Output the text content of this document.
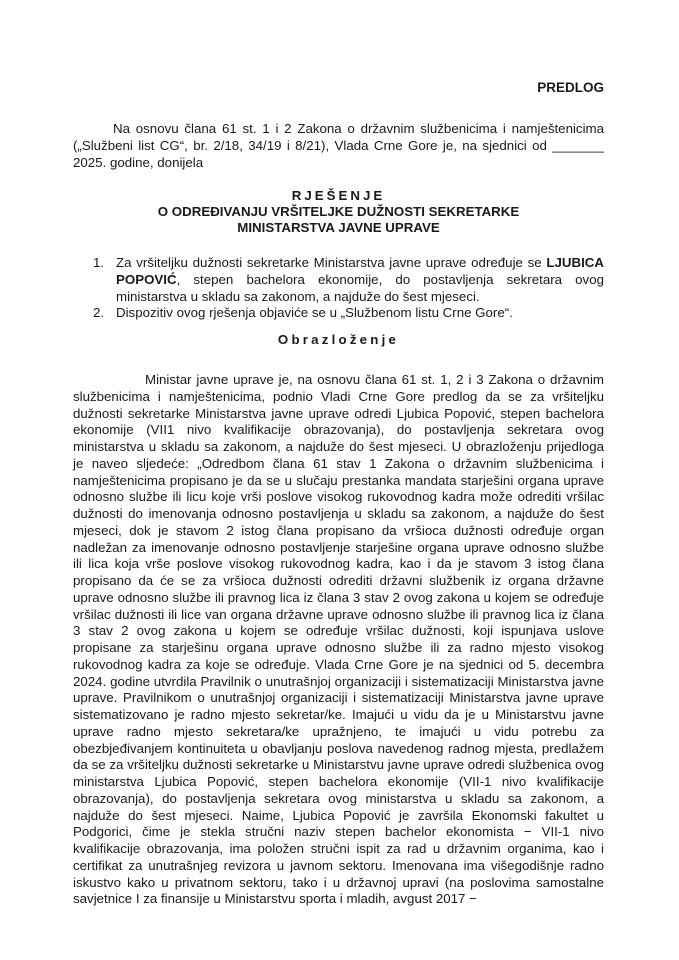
PREDLOG

Na osnovu člana 61 st. 1 i 2 Zakona o državnim službenicima i namještenicima („Službeni list CG“, br. 2/18, 34/19 i 8/21), Vlada Crne Gore je, na sjednici od _______ 2025. godine, donijela

RJEŠENJE
O ODREĐIVANJU VRŠITELJKE DUŽNOSTI SEKRETARKE
MINISTARSTVA JAVNE UPRAVE
1. Za vršiteljku dužnosti sekretarke Ministarstva javne uprave određuje se LJUBICA POPOVIĆ, stepen bachelora ekonomije, do postavljenja sekretara ovog ministarstva u skladu sa zakonom, a najduže do šest mjeseci.
2. Dispozitiv ovog rješenja objaviće se u „Službenom listu Crne Gore“.
Obrazloženje

Ministar javne uprave je, na osnovu člana 61 st. 1, 2 i 3 Zakona o državnim službenicima i namještenicima, podnio Vladi Crne Gore predlog da se za vršiteljku dužnosti sekretarke Ministarstva javne uprave odredi Ljubica Popović, stepen bachelora ekonomije (VII1 nivo kvalifikacije obrazovanja), do postavljenja sekretara ovog ministarstva u skladu sa zakonom, a najduže do šest mjeseci. U obrazloženju prijedloga je naveo sljedeće: „Odredbom člana 61 stav 1 Zakona o državnim službenicima i namještenicima propisano je da se u slučaju prestanka mandata starješini organa uprave odnosno službe ili licu koje vrši poslove visokog rukovodnog kadra može odrediti vršilac dužnosti do imenovanja odnosno postavljenja u skladu sa zakonom, a najduže do šest mjeseci, dok je stavom 2 istog člana propisano da vršioca dužnosti određuje organ nadležan za imenovanje odnosno postavljenje starješine organa uprave odnosno službe ili lica koja vrše poslove visokog rukovodnog kadra, kao i da je stavom 3 istog člana propisano da će se za vršioca dužnosti odrediti državni službenik iz organa državne uprave odnosno službe ili pravnog lica iz člana 3 stav 2 ovog zakona u kojem se određuje vršilac dužnosti ili lice van organa državne uprave odnosno službe ili pravnog lica iz člana 3 stav 2 ovog zakona u kojem se određuje vršilac dužnosti, koji ispunjava uslove propisane za starješinu organa uprave odnosno službe ili za radno mjesto visokog rukovodnog kadra za koje se određuje. Vlada Crne Gore je na sjednici od 5. decembra 2024. godine utvrdila Pravilnik o unutrašnjoj organizaciji i sistematizaciji Ministarstva javne uprave. Pravilnikom o unutrašnjoj organizaciji i sistematizaciji Ministarstva javne uprave sistematizovano je radno mjesto sekretar/ke. Imajući u vidu da je u Ministarstvu javne uprave radno mjesto sekretara/ke upražnjeno, te imajući u vidu potrebu za obezbjeđivanjem kontinuiteta u obavljanju poslova navedenog radnog mjesta, predlažem da se za vršiteljku dužnosti sekretarke u Ministarstvu javne uprave odredi službenica ovog ministarstva Ljubica Popović, stepen bachelora ekonomije (VII-1 nivo kvalifikacije obrazovanja), do postavljenja sekretara ovog ministarstva u skladu sa zakonom, a najduže do šest mjeseci. Naime, Ljubica Popović je završila Ekonomski fakultet u Podgorici, čime je stekla stručni naziv stepen bachelor ekonomista − VII-1 nivo kvalifikacije obrazovanja, ima položen stručni ispit za rad u državnim organima, kao i certifikat za unutrašnjeg revizora u javnom sektoru. Imenovana ima višegodišnje radno iskustvo kako u privatnom sektoru, tako i u državnoj upravi (na poslovima samostalne savjetnice I za finansije u Ministarstvu sporta i mladih, avgust 2017 −
